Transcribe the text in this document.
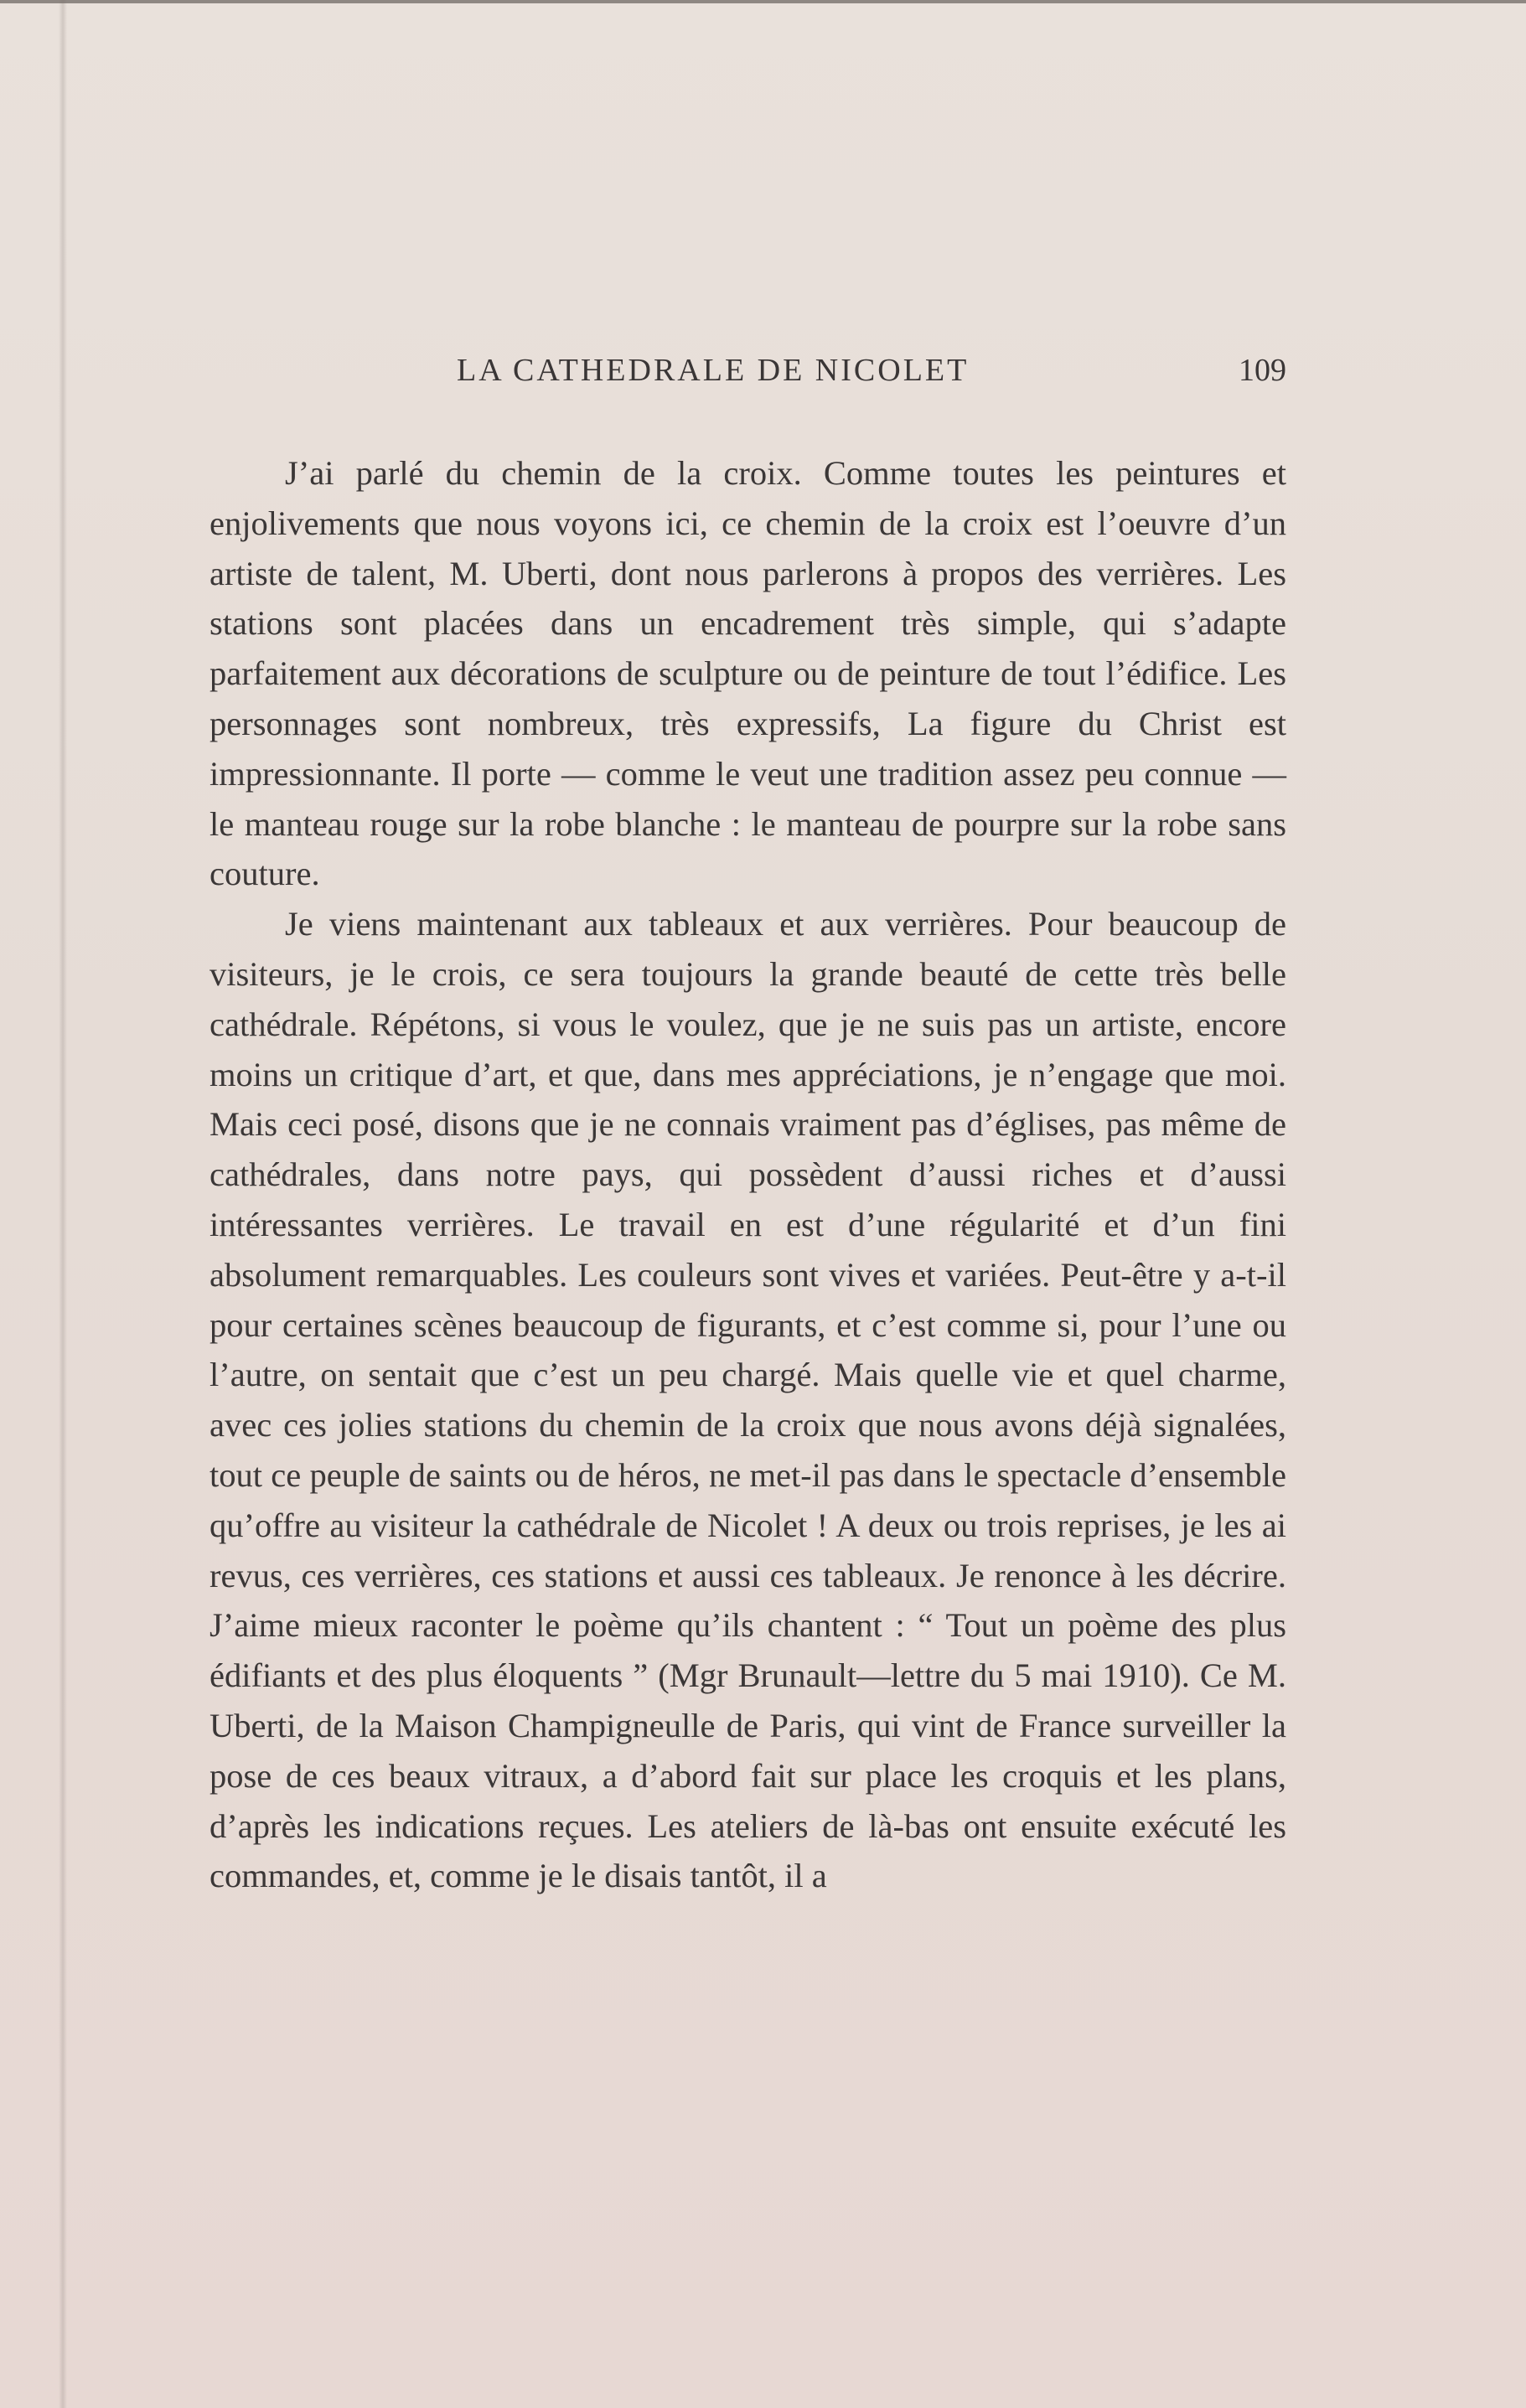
LA CATHEDRALE DE NICOLET	109

J’ai parlé du chemin de la croix. Comme toutes les peintures et enjolivements que nous voyons ici, ce chemin de la croix est l’oeuvre d’un artiste de talent, M. Uberti, dont nous parlerons à propos des verrières. Les stations sont placées dans un encadrement très simple, qui s’adapte parfaitement aux décorations de sculpture ou de peinture de tout l’édifice. Les personnages sont nombreux, très expressifs, La figure du Christ est impressionnante. Il porte — comme le veut une tradition assez peu connue — le manteau rouge sur la robe blanche : le manteau de pourpre sur la robe sans couture.

Je viens maintenant aux tableaux et aux verrières. Pour beaucoup de visiteurs, je le crois, ce sera toujours la grande beauté de cette très belle cathédrale. Répétons, si vous le voulez, que je ne suis pas un artiste, encore moins un critique d’art, et que, dans mes appréciations, je n’engage que moi. Mais ceci posé, disons que je ne connais vraiment pas d’églises, pas même de cathédrales, dans notre pays, qui possèdent d’aussi riches et d’aussi intéressantes verrières. Le travail en est d’une régularité et d’un fini absolument remarquables. Les couleurs sont vives et variées. Peut-être y a-t-il pour certaines scènes beaucoup de figurants, et c’est comme si, pour l’une ou l’autre, on sentait que c’est un peu chargé. Mais quelle vie et quel charme, avec ces jolies stations du chemin de la croix que nous avons déjà signalées, tout ce peuple de saints ou de héros, ne met-il pas dans le spectacle d’ensemble qu’offre au visiteur la cathédrale de Nicolet ! A deux ou trois reprises, je les ai revus, ces verrières, ces stations et aussi ces tableaux. Je renonce à les décrire. J’aime mieux raconter le poème qu’ils chantent : “ Tout un poème des plus édifiants et des plus éloquents ” (Mgr Brunault—lettre du 5 mai 1910). Ce M. Uberti, de la Maison Champigneulle de Paris, qui vint de France surveiller la pose de ces beaux vitraux, a d’abord fait sur place les croquis et les plans, d’après les indications reçues. Les ateliers de là-bas ont ensuite exécuté les commandes, et, comme je le disais tantôt, il a
